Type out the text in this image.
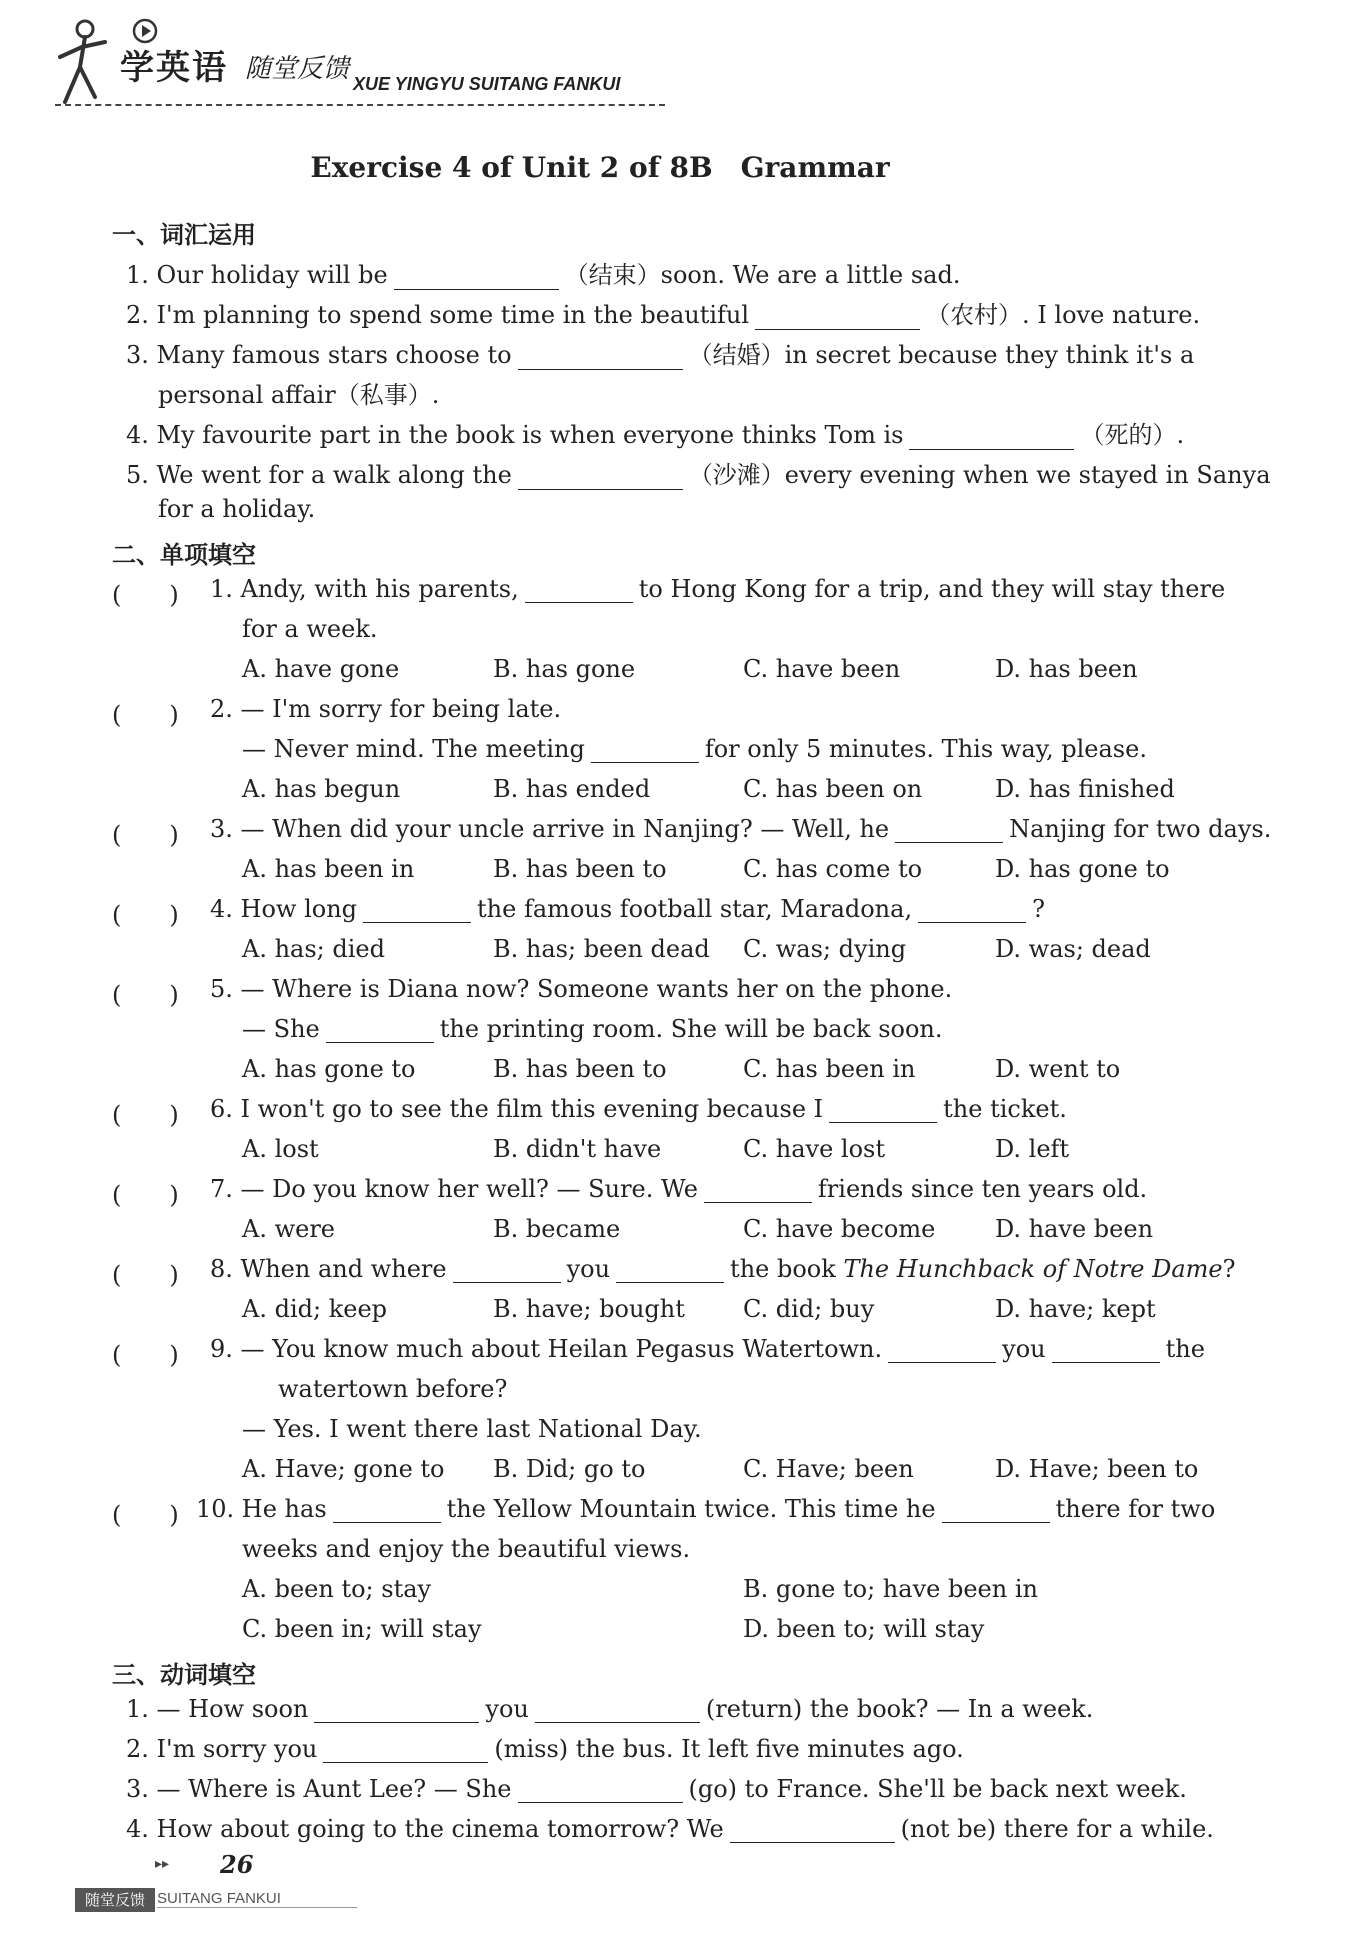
学英语 随堂反馈 XUE YINGYU SUITANG FANKUI
Exercise 4 of Unit 2 of 8B　Grammar
一、词汇运用
1. Our holiday will be	（结束）soon. We are a little sad.
2. I'm planning to spend some time in the beautiful	（农村）. I love nature.
3. Many famous stars choose to	（结婚）in secret because they think it's a
personal affair（私事）.
4. My favourite part in the book is when everyone thinks Tom is	（死的）.
5. We went for a walk along the	（沙滩）every evening when we stayed in Sanya
for a holiday.
二、单项填空
(　　)	1. Andy, with his parents,	to Hong Kong for a trip, and they will stay there
for a week.
A. have gone	B. has gone	C. have been	D. has been
(　　)	2. — I'm sorry for being late.
— Never mind. The meeting	for only 5 minutes. This way, please.
A. has begun	B. has ended	C. has been on	D. has finished
(　　)	3. — When did your uncle arrive in Nanjing? — Well, he	Nanjing for two days.
A. has been in	B. has been to	C. has come to	D. has gone to
(　　)	4. How long	the famous football star, Maradona,	?
A. has; died	B. has; been dead C. was; dying	D. was; dead
(　　)	5. — Where is Diana now? Someone wants her on the phone.
— She	the printing room. She will be back soon.
A. has gone to	B. has been to	C. has been in	D. went to
(　　)	6. I won't go to see the film this evening because I	the ticket.
A. lost	B. didn't have	C. have lost	D. left
(　　)	7. — Do you know her well? — Sure. We	friends since ten years old.
A. were	B. became	C. have become D. have been
(　　)	8. When and where	you	the book The Hunchback of Notre Dame?
A. did; keep	B. have; bought C. did; buy	D. have; kept
(　　)	9. — You know much about Heilan Pegasus Watertown.	you	the
watertown before?
— Yes. I went there last National Day.
A. Have; gone to B. Did; go to	C. Have; been	D. Have; been to
(　　) 10. He has	the Yellow Mountain twice. This time he	there for two
weeks and enjoy the beautiful views.
A. been to; stay	B. gone to; have been in
C. been in; will stay	D. been to; will stay
三、动词填空
1. — How soon	you	(return) the book? — In a week.
2. I'm sorry you	(miss) the bus. It left five minutes ago.
3. — Where is Aunt Lee? — She	(go) to France. She'll be back next week.
4. How about going to the cinema tomorrow? We	(not be) there for a while.
▸▸ 26
随堂反馈 SUITANG FANKUI
